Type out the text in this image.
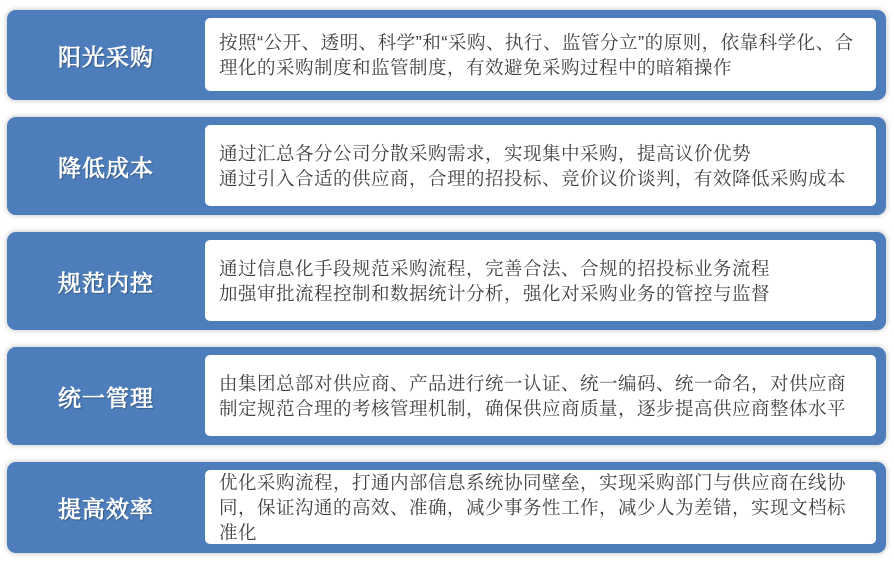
阳光采购

按照“公开、透明、科学”和“采购、执行、监管分立”的原则，依靠科学化、合理化的采购制度和监管制度，有效避免采购过程中的暗箱操作

降低成本

通过汇总各分公司分散采购需求，实现集中采购，提高议价优势

通过引入合适的供应商，合理的招投标、竞价议价谈判，有效降低采购成本

规范内控

通过信息化手段规范采购流程，完善合法、合规的招投标业务流程

加强审批流程控制和数据统计分析，强化对采购业务的管控与监督

统一管理

由集团总部对供应商、产品进行统一认证、统一编码、统一命名，对供应商制定规范合理的考核管理机制，确保供应商质量，逐步提高供应商整体水平

提高效率

优化采购流程，打通内部信息系统协同壁垒，实现采购部门与供应商在线协同，保证沟通的高效、准确，减少事务性工作，减少人为差错，实现文档标准化
